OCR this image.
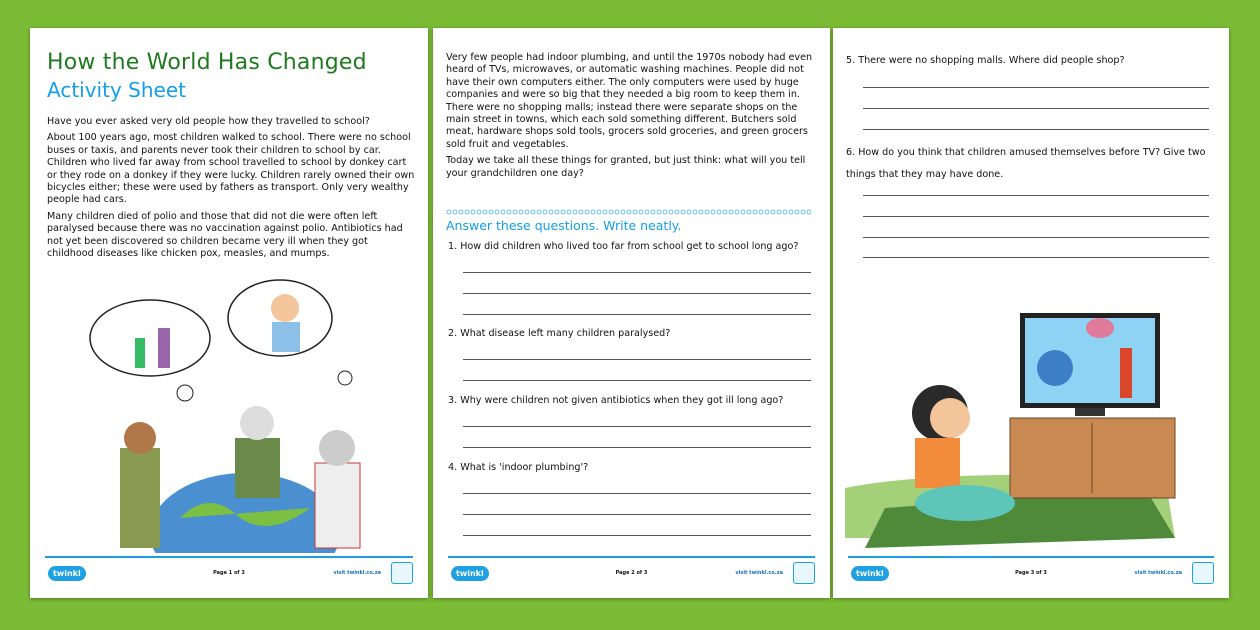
How the World Has Changed
Activity Sheet

Have you ever asked very old people how they travelled to school?

About 100 years ago, most children walked to school. There were no school buses or taxis, and parents never took their children to school by car. Children who lived far away from school travelled to school by donkey cart or they rode on a donkey if they were lucky. Children rarely owned their own bicycles either; these were used by fathers as transport. Only very wealthy people had cars.

Many children died of polio and those that did not die were often left paralysed because there was no vaccination against polio. Antibiotics had not yet been discovered so children became very ill when they got childhood diseases like chicken pox, measles, and mumps.

twinkl	Page 1 of 3	visit twinkl.co.za

Very few people had indoor plumbing, and until the 1970s nobody had even heard of TVs, microwaves, or automatic washing machines. People did not have their own computers either. The only computers were used by huge companies and were so big that they needed a big room to keep them in. There were no shopping malls; instead there were separate shops on the main street in towns, which each sold something different. Butchers sold meat, hardware shops sold tools, grocers sold groceries, and green grocers sold fruit and vegetables.

Today we take all these things for granted, but just think: what will you tell your grandchildren one day?

Answer these questions. Write neatly.
1. How did children who lived too far from school get to school long ago?
2. What disease left many children paralysed?
3. Why were children not given antibiotics when they got ill long ago?
4. What is 'indoor plumbing'?
twinkl	Page 2 of 3	visit twinkl.co.za
5. There were no shopping malls. Where did people shop?
6. How do you think that children amused themselves before TV? Give two things that they may have done.
twinkl	Page 3 of 3	visit twinkl.co.za
